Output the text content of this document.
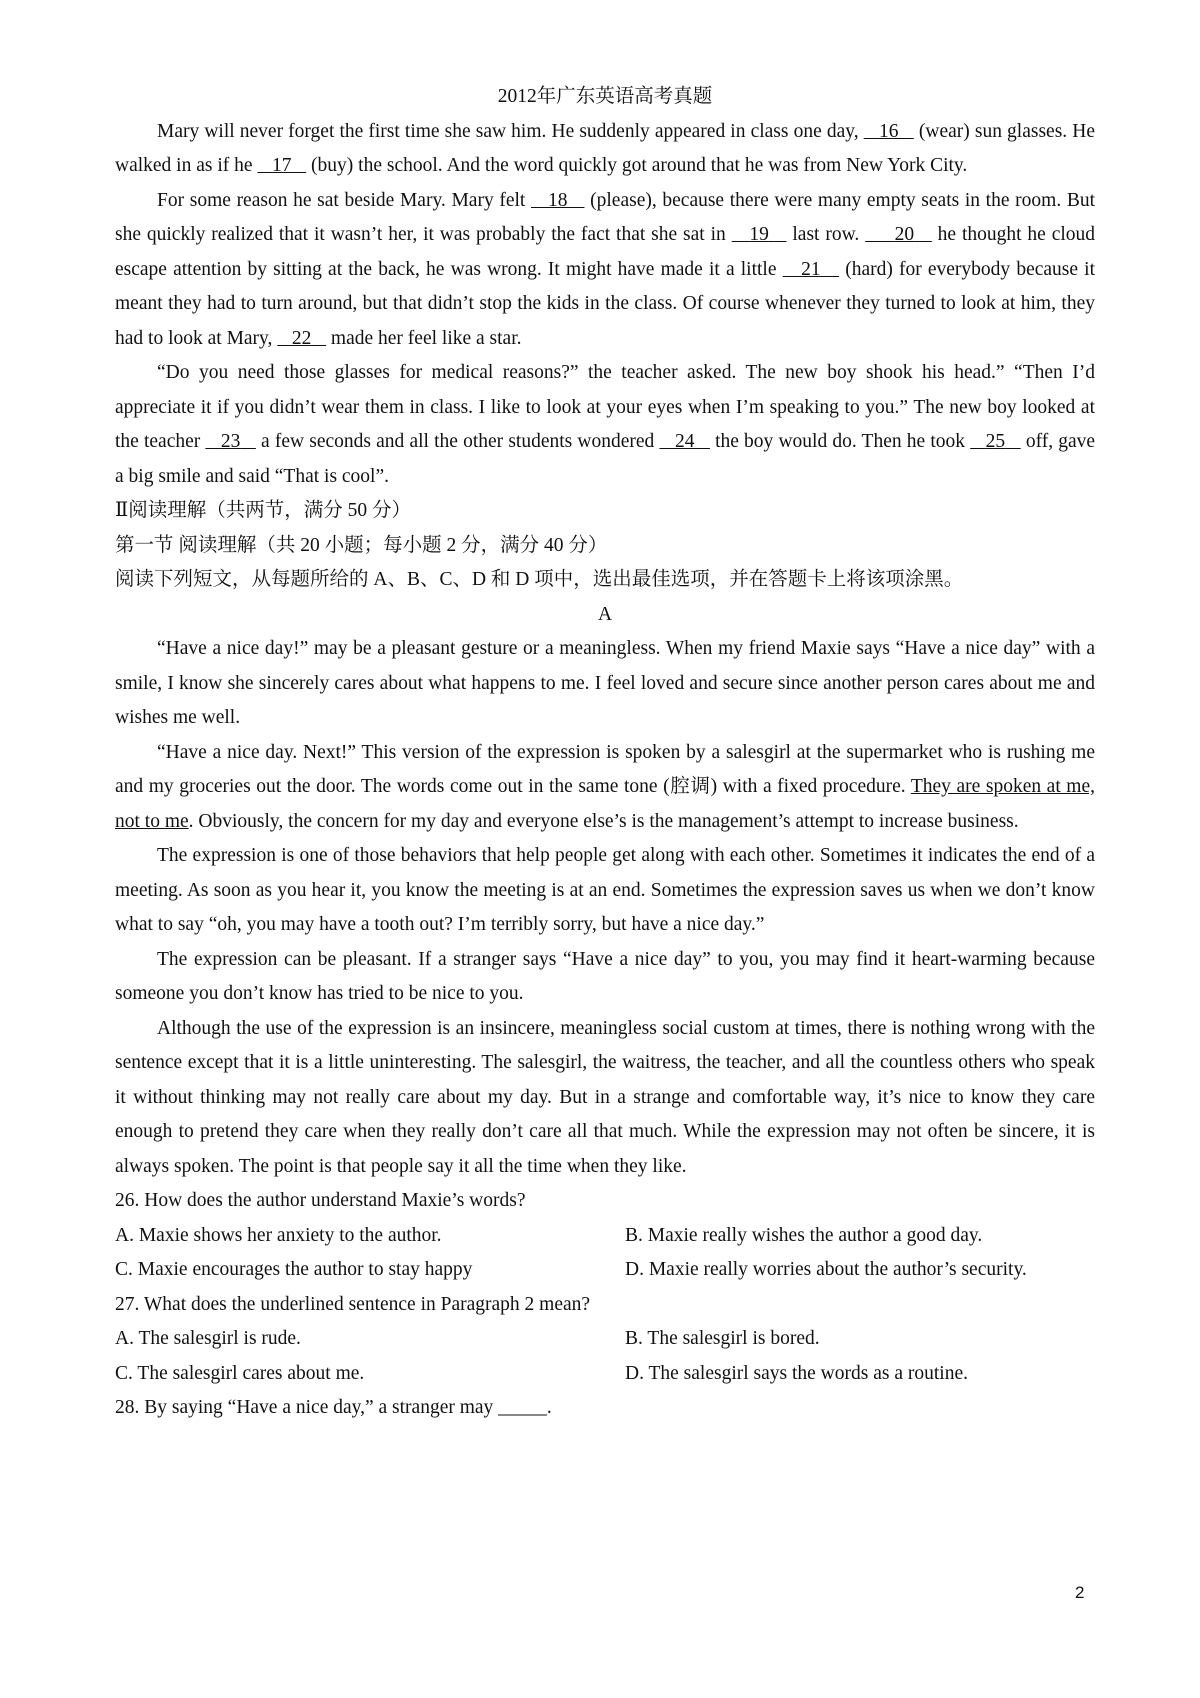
2012年广东英语高考真题

Mary will never forget the first time she saw him. He suddenly appeared in class one day,    16    (wear) sun glasses. He walked in as if he    17    (buy) the school. And the word quickly got around that he was from New York City.

For some reason he sat beside Mary. Mary felt    18    (please), because there were many empty seats in the room. But she quickly realized that it wasn’t her, it was probably the fact that she sat in    19    last row.      20    he thought he cloud escape attention by sitting at the back, he was wrong. It might have made it a little    21    (hard) for everybody because it meant they had to turn around, but that didn’t stop the kids in the class. Of course whenever they turned to look at him, they had to look at Mary,    22    made her feel like a star.

“Do you need those glasses for medical reasons?” the teacher asked. The new boy shook his head.” “Then I’d appreciate it if you didn’t wear them in class. I like to look at your eyes when I’m speaking to you.” The new boy looked at the teacher    23    a few seconds and all the other students wondered    24    the boy would do. Then he took    25    off, gave a big smile and said “That is cool”.

Ⅱ阅读理解（共两节，满分 50 分）

第一节 阅读理解（共 20 小题；每小题 2 分，满分 40 分）

阅读下列短文，从每题所给的 A、B、C、D 和 D 项中，选出最佳选项，并在答题卡上将该项涂黑。

A

“Have a nice day!” may be a pleasant gesture or a meaningless. When my friend Maxie says “Have a nice day” with a smile, I know she sincerely cares about what happens to me. I feel loved and secure since another person cares about me and wishes me well.

“Have a nice day. Next!” This version of the expression is spoken by a salesgirl at the supermarket who is rushing me and my groceries out the door. The words come out in the same tone (腔调) with a fixed procedure. They are spoken at me, not to me. Obviously, the concern for my day and everyone else’s is the management’s attempt to increase business.

The expression is one of those behaviors that help people get along with each other. Sometimes it indicates the end of a meeting. As soon as you hear it, you know the meeting is at an end. Sometimes the expression saves us when we don’t know what to say “oh, you may have a tooth out? I’m terribly sorry, but have a nice day.”

The expression can be pleasant. If a stranger says “Have a nice day” to you, you may find it heart-warming because someone you don’t know has tried to be nice to you.

Although the use of the expression is an insincere, meaningless social custom at times, there is nothing wrong with the sentence except that it is a little uninteresting. The salesgirl, the waitress, the teacher, and all the countless others who speak it without thinking may not really care about my day. But in a strange and comfortable way, it’s nice to know they care enough to pretend they care when they really don’t care all that much. While the expression may not often be sincere, it is always spoken. The point is that people say it all the time when they like.

26. How does the author understand Maxie’s words?

A. Maxie shows her anxiety to the author.	B. Maxie really wishes the author a good day.
C. Maxie encourages the author to stay happy	D. Maxie really worries about the author’s security.

27. What does the underlined sentence in Paragraph 2 mean?

A. The salesgirl is rude.	B. The salesgirl is bored.
C. The salesgirl cares about me.	D. The salesgirl says the words as a routine.

28. By saying “Have a nice day,” a stranger may _____.

2
